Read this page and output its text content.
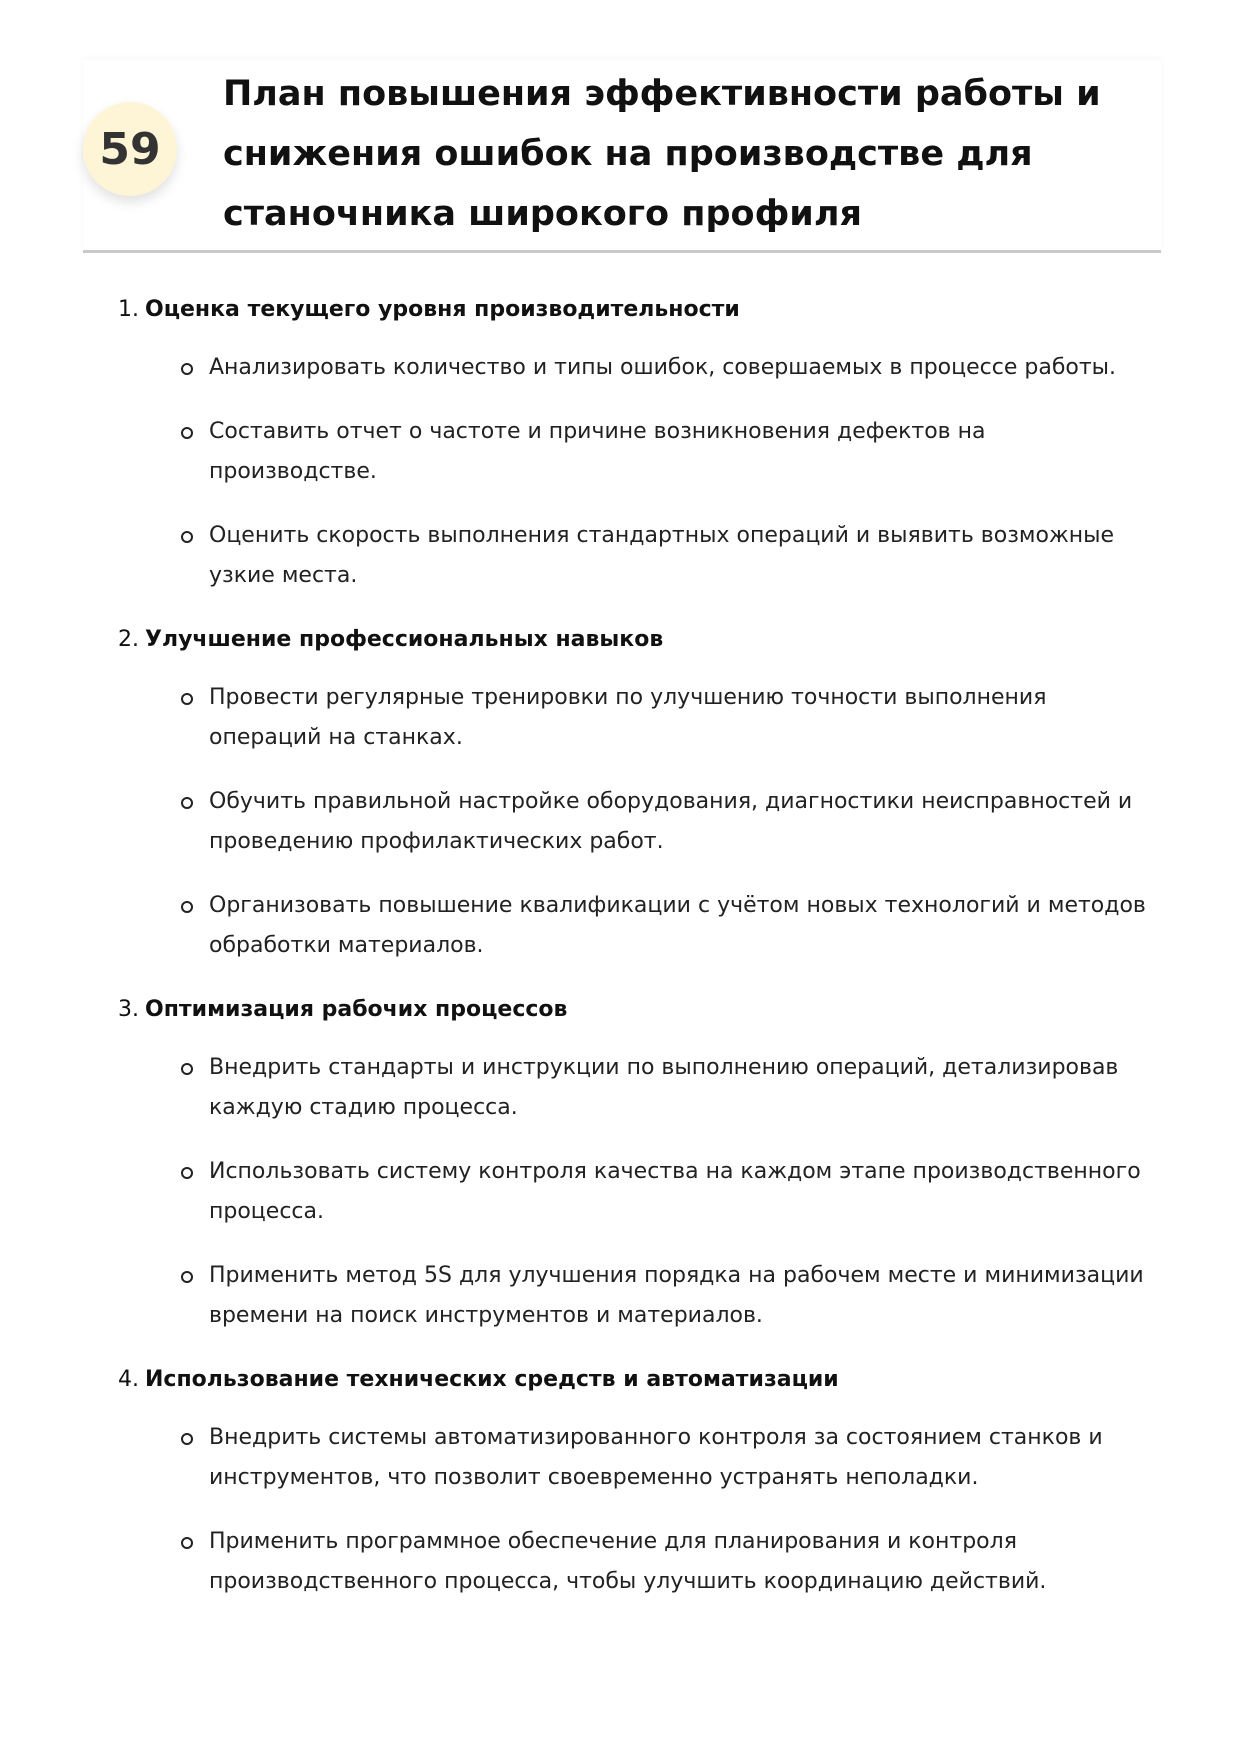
59
План повышения эффективности работы и снижения ошибок на производстве для станочника широкого профиля
1. Оценка текущего уровня производительности
Анализировать количество и типы ошибок, совершаемых в процессе работы.
Составить отчет о частоте и причине возникновения дефектов на производстве.
Оценить скорость выполнения стандартных операций и выявить возможные узкие места.
2. Улучшение профессиональных навыков
Провести регулярные тренировки по улучшению точности выполнения операций на станках.
Обучить правильной настройке оборудования, диагностики неисправностей и проведению профилактических работ.
Организовать повышение квалификации с учётом новых технологий и методов обработки материалов.
3. Оптимизация рабочих процессов
Внедрить стандарты и инструкции по выполнению операций, детализировав каждую стадию процесса.
Использовать систему контроля качества на каждом этапе производственного процесса.
Применить метод 5S для улучшения порядка на рабочем месте и минимизации времени на поиск инструментов и материалов.
4. Использование технических средств и автоматизации
Внедрить системы автоматизированного контроля за состоянием станков и инструментов, что позволит своевременно устранять неполадки.
Применить программное обеспечение для планирования и контроля производственного процесса, чтобы улучшить координацию действий.
